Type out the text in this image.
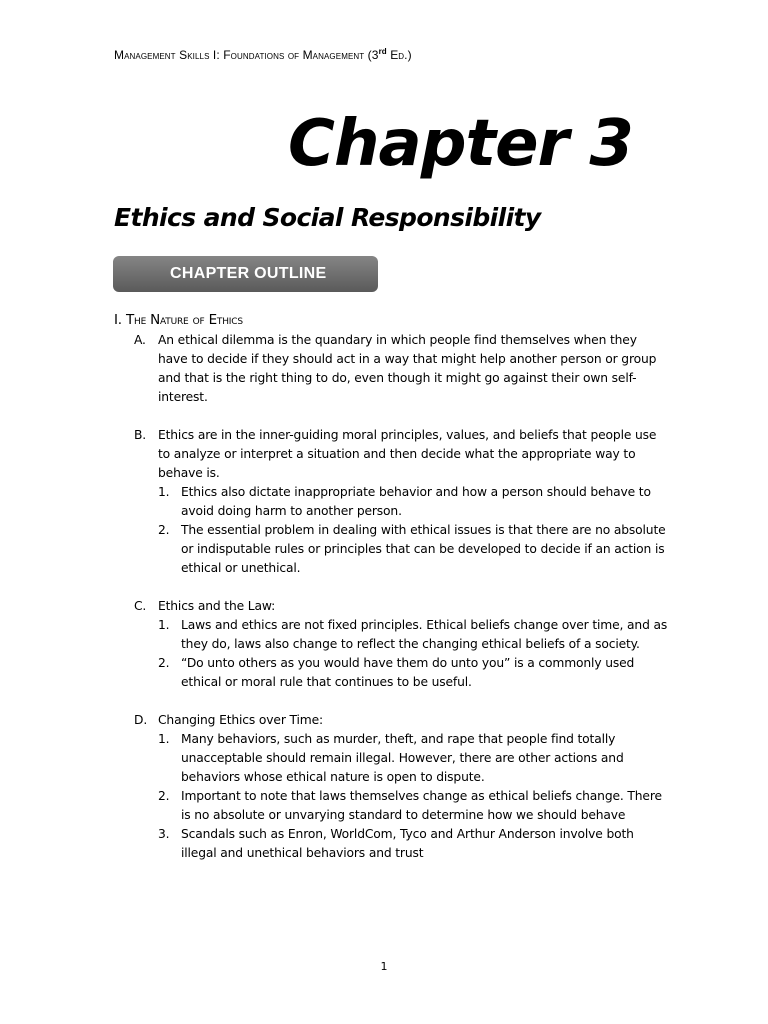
Management Skills I: Foundations of Management (3rd Ed.)
Chapter 3
Ethics and Social Responsibility
CHAPTER OUTLINE
I. The Nature of Ethics
A. An ethical dilemma is the quandary in which people find themselves when they have to decide if they should act in a way that might help another person or group and that is the right thing to do, even though it might go against their own self- interest.
B. Ethics are in the inner-guiding moral principles, values, and beliefs that people use to analyze or interpret a situation and then decide what the appropriate way to behave is.
1. Ethics also dictate inappropriate behavior and how a person should behave to avoid doing harm to another person.
2. The essential problem in dealing with ethical issues is that there are no absolute or indisputable rules or principles that can be developed to decide if an action is ethical or unethical.
C. Ethics and the Law:
1. Laws and ethics are not fixed principles. Ethical beliefs change over time, and as they do, laws also change to reflect the changing ethical beliefs of a society.
2. “Do unto others as you would have them do unto you” is a commonly used ethical or moral rule that continues to be useful.
D. Changing Ethics over Time:
1. Many behaviors, such as murder, theft, and rape that people find totally unacceptable should remain illegal. However, there are other actions and behaviors whose ethical nature is open to dispute.
2. Important to note that laws themselves change as ethical beliefs change. There is no absolute or unvarying standard to determine how we should behave
3. Scandals such as Enron, WorldCom, Tyco and Arthur Anderson involve both illegal and unethical behaviors and trust
1
